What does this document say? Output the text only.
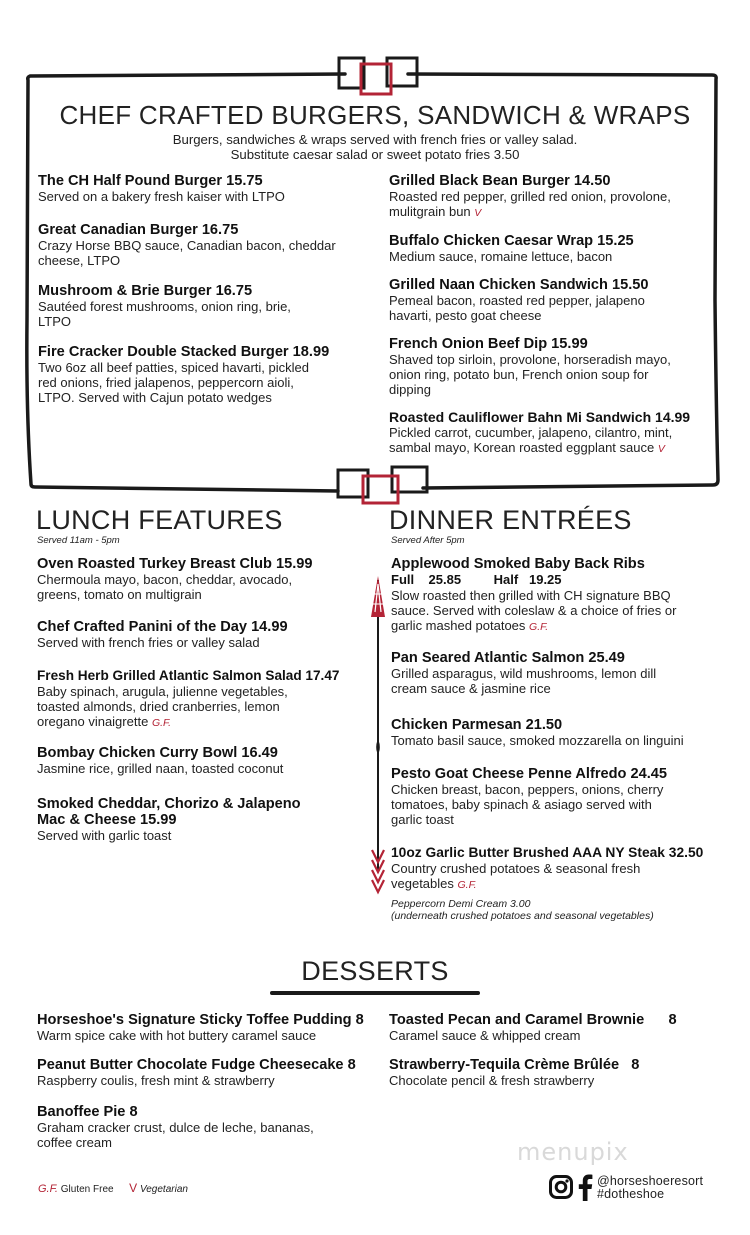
CHEF CRAFTED BURGERS, SANDWICH & WRAPS
Burgers, sandwiches & wraps served with french fries or valley salad.
Substitute caesar salad or sweet potato fries 3.50
The CH Half Pound Burger 15.75
Served on a bakery fresh kaiser with LTPO
Great Canadian Burger 16.75
Crazy Horse BBQ sauce, Canadian bacon, cheddar
cheese, LTPO
Mushroom & Brie Burger 16.75
Sautéed forest mushrooms, onion ring, brie,
LTPO
Fire Cracker Double Stacked Burger 18.99
Two 6oz all beef patties, spiced havarti, pickled
red onions, fried jalapenos, peppercorn aioli,
LTPO. Served with Cajun potato wedges
Grilled Black Bean Burger 14.50
Roasted red pepper, grilled red onion, provolone,
mulitgrain bun V
Buffalo Chicken Caesar Wrap 15.25
Medium sauce, romaine lettuce, bacon
Grilled Naan Chicken Sandwich 15.50
Pemeal bacon, roasted red pepper, jalapeno
havarti, pesto goat cheese
French Onion Beef Dip 15.99
Shaved top sirloin, provolone, horseradish mayo,
onion ring, potato bun, French onion soup for
dipping
Roasted Cauliflower Bahn Mi Sandwich 14.99
Pickled carrot, cucumber, jalapeno, cilantro, mint,
sambal mayo, Korean roasted eggplant sauce V
LUNCH FEATURES
Served 11am - 5pm
Oven Roasted Turkey Breast Club 15.99
Chermoula mayo, bacon, cheddar, avocado,
greens, tomato on multigrain
Chef Crafted Panini of the Day 14.99
Served with french fries or valley salad
Fresh Herb Grilled Atlantic Salmon Salad 17.47
Baby spinach, arugula, julienne vegetables,
toasted almonds, dried cranberries, lemon
oregano vinaigrette G.F.
Bombay Chicken Curry Bowl 16.49
Jasmine rice, grilled naan, toasted coconut
Smoked Cheddar, Chorizo & Jalapeno
Mac & Cheese 15.99
Served with garlic toast
DINNER ENTRÉES
Served After 5pm
Applewood Smoked Baby Back Ribs
Full    25.85         Half   19.25
Slow roasted then grilled with CH signature BBQ
sauce. Served with coleslaw & a choice of fries or
garlic mashed potatoes G.F.
Pan Seared Atlantic Salmon 25.49
Grilled asparagus, wild mushrooms, lemon dill
cream sauce & jasmine rice
Chicken Parmesan 21.50
Tomato basil sauce, smoked mozzarella on linguini
Pesto Goat Cheese Penne Alfredo 24.45
Chicken breast, bacon, peppers, onions, cherry
tomatoes, baby spinach & asiago served with
garlic toast
10oz Garlic Butter Brushed AAA NY Steak 32.50
Country crushed potatoes & seasonal fresh
vegetables G.F.
Peppercorn Demi Cream 3.00
(underneath crushed potatoes and seasonal vegetables)
DESSERTS
Horseshoe's Signature Sticky Toffee Pudding 8
Warm spice cake with hot buttery caramel sauce
Peanut Butter Chocolate Fudge Cheesecake 8
Raspberry coulis, fresh mint & strawberry
Banoffee Pie 8
Graham cracker crust, dulce de leche, bananas,
coffee cream
Toasted Pecan and Caramel Brownie      8
Caramel sauce & whipped cream
Strawberry-Tequila Crème Brûlée   8
Chocolate pencil & fresh strawberry
menupix
G.F. Gluten Free V Vegetarian
@horseshoeresort
#dotheshoe
